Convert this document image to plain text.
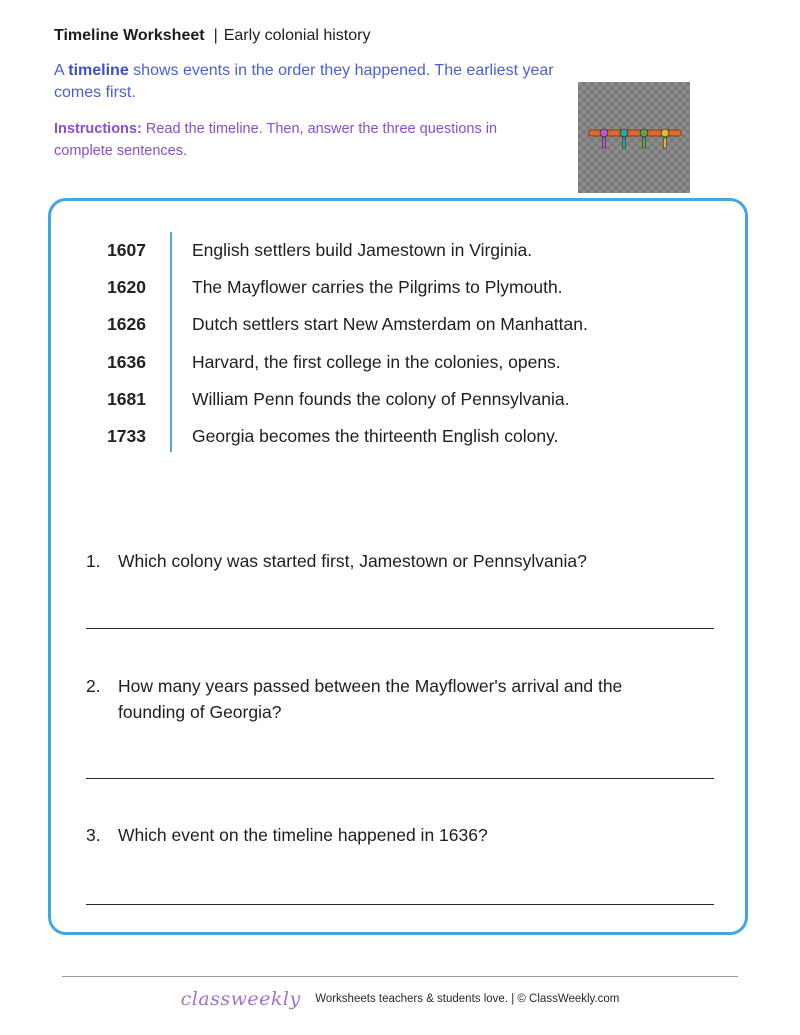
Timeline Worksheet | Early colonial history
A timeline shows events in the order they happened. The earliest year comes first.
Instructions: Read the timeline. Then, answer the three questions in complete sentences.
1607	English settlers build Jamestown in Virginia.
1620	The Mayflower carries the Pilgrims to Plymouth.
1626	Dutch settlers start New Amsterdam on Manhattan.
1636	Harvard, the first college in the colonies, opens.
1681	William Penn founds the colony of Pennsylvania.
1733	Georgia becomes the thirteenth English colony.
1. Which colony was started first, Jamestown or Pennsylvania?
2. How many years passed between the Mayflower's arrival and the founding of Georgia?
3. Which event on the timeline happened in 1636?
classweekly Worksheets teachers & students love. | © ClassWeekly.com
